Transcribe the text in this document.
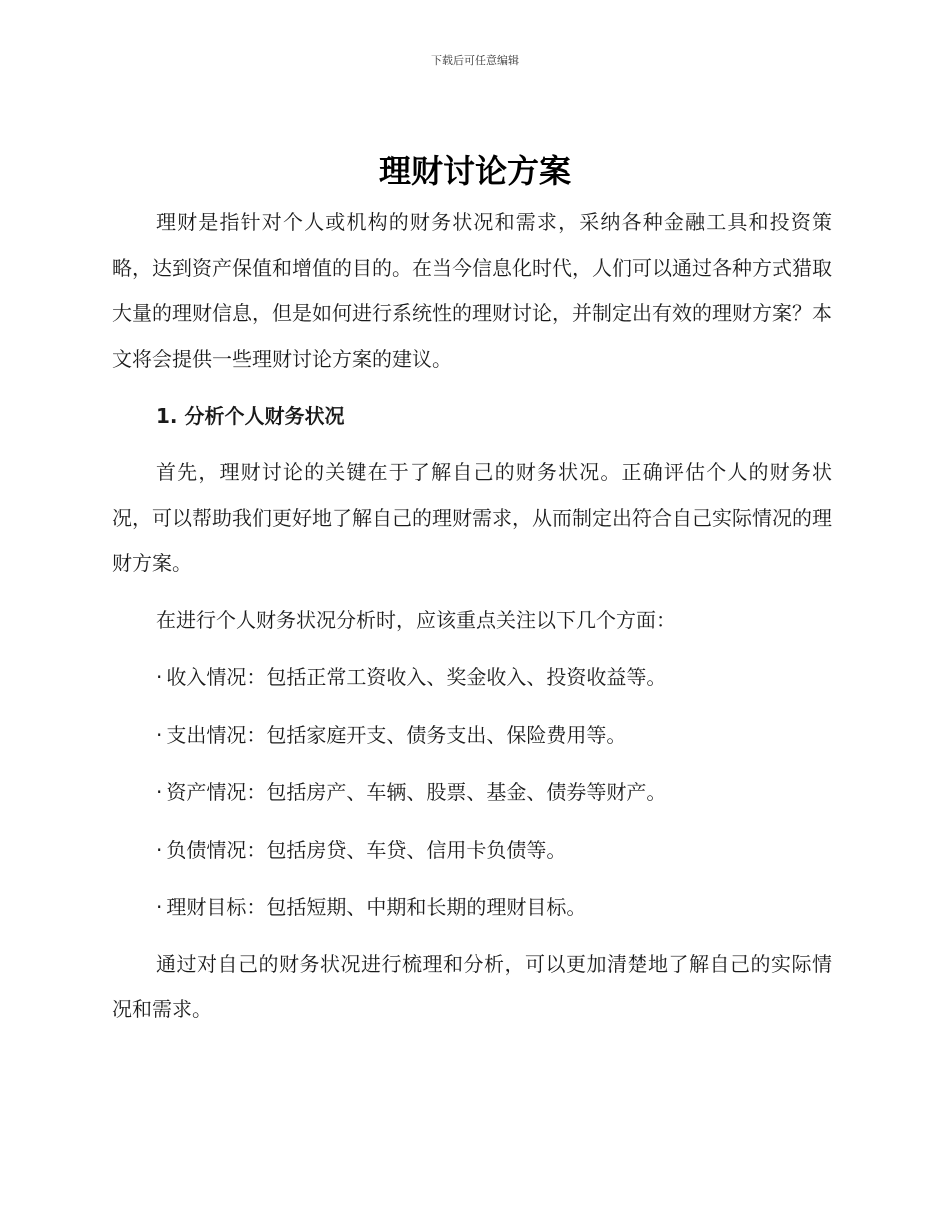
下载后可任意编辑
理财讨论方案

理财是指针对个人或机构的财务状况和需求，采纳各种金融工具和投资策略，达到资产保值和增值的目的。在当今信息化时代，人们可以通过各种方式猎取大量的理财信息，但是如何进行系统性的理财讨论，并制定出有效的理财方案？本文将会提供一些理财讨论方案的建议。

1. 分析个人财务状况

首先，理财讨论的关键在于了解自己的财务状况。正确评估个人的财务状况，可以帮助我们更好地了解自己的理财需求，从而制定出符合自己实际情况的理财方案。

在进行个人财务状况分析时，应该重点关注以下几个方面：

· 收入情况：包括正常工资收入、奖金收入、投资收益等。

· 支出情况：包括家庭开支、债务支出、保险费用等。

· 资产情况：包括房产、车辆、股票、基金、债券等财产。

· 负债情况：包括房贷、车贷、信用卡负债等。

· 理财目标：包括短期、中期和长期的理财目标。

通过对自己的财务状况进行梳理和分析，可以更加清楚地了解自己的实际情况和需求。
